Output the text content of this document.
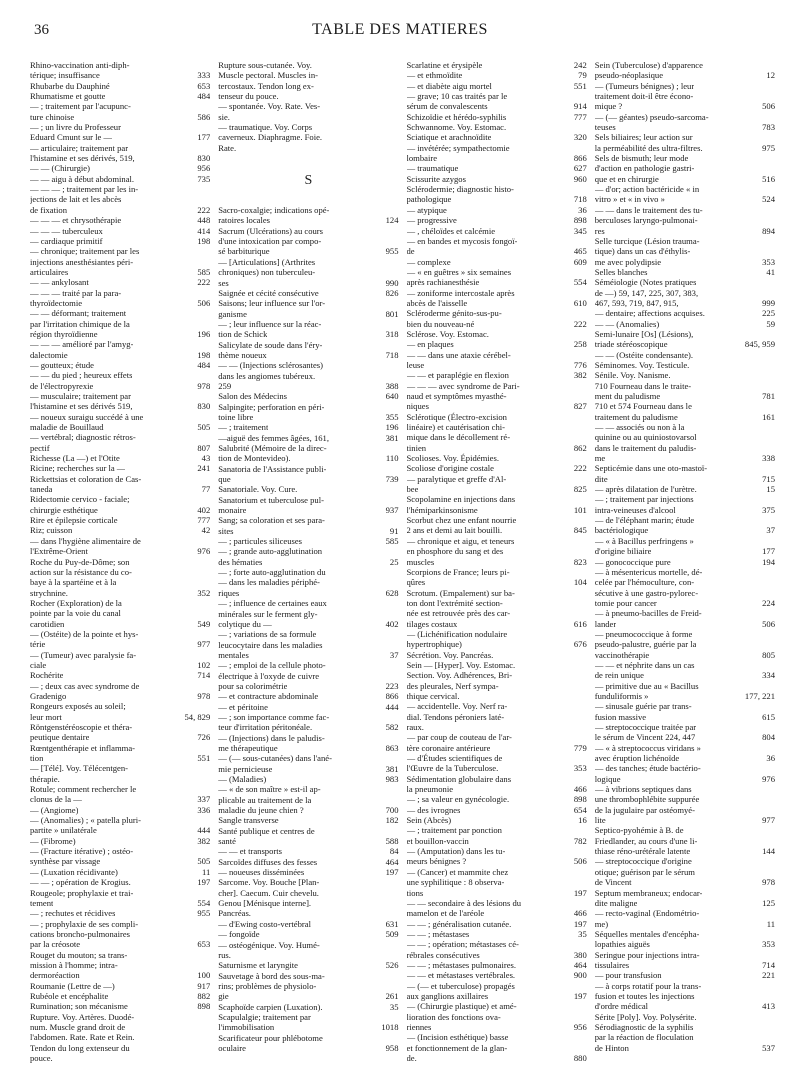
36	TABLE DES MATIERES
Rhino-vaccination anti-diph-
térique; insuffisance	333
Rhubarbe du Dauphiné	653
Rhumatisme et goutte	484
— ; traitement par l'acupunc-
ture chinoise	586
— ; un livre du Professeur
Eduard Cmunt sur le —	177
— articulaire; traitement par
l'histamine et ses dérivés, 519,	830
— — (Chirurgie)	956
— — aigu à début abdominal.	735
— — — ; traitement par les in-
jections de lait et les abcès
de fixation	222
— — — et chrysothérapie	448
— — — tuberculeux	414
— cardiaque primitif	198
— chronique; traitement par les
injections anesthésiantes péri-
articulaires	585
— — ankylosant	222
— — — traité par la para-
thyroïdectomie	506
— — déformant; traitement
par l'irritation chimique de la
région thyroïdienne	196
— — — amélioré par l'amyg-
dalectomie	198
— goutteux; étude	484
— — du pied ; heureux effets
de l'électropyrexie	978
— musculaire; traitement par
l'histamine et ses dérivés 519,	830
— noueux suraigu succédé à une
maladie de Bouillaud	505
— vertébral; diagnostic rétros-
pectif	807
Richesse (La —) et l'Otite	43
Ricine; recherches sur la —	241
Rickettsias et coloration de Cas-
taneda	77
Ridectomie cervico - faciale;
chirurgie esthétique	402
Rire et épilepsie corticale	777
Riz; cuisson	42
— dans l'hygiène alimentaire de
l'Extrême-Orient	976
Roche du Puy-de-Dôme; son
action sur la résistance du co-
baye à la spartéine et à la
strychnine.	352
Rocher (Exploration) de la
pointe par la voie du canal
carotidien	549
— (Ostéite) de la pointe et hys-
térie	977
— (Tumeur) avec paralysie fa-
ciale	102
Rochérite	714
— ; deux cas avec syndrome de
Gradenigo	978
Rongeurs exposés au soleil;
leur mort	54, 829
Röntgenstéréoscopie et théra-
peutique dentaire	726
Rœntgenthérapie et inflamma-
tion	551
— [Télé]. Voy. Télécentgen-
thérapie.
Rotule; comment rechercher le
clonus de la —	337
— (Angiome)	336
— (Anomalies) ; « patella pluri-
partite » unilatérale	444
— (Fibrome)	382
— (Fracture itérative) ; ostéo-
synthèse par vissage	505
— (Luxation récidivante)	11
— — ; opération de Krogius.	197
Rougeole; prophylaxie et trai-
tement	554
— ; rechutes et récidives	955
— ; prophylaxie de ses compli-
cations broncho-pulmonaires
par la créosote	653
Rouget du mouton; sa trans-
mission à l'homme; intra-
dermoréaction	100
Roumanie (Lettre de —)	917
Rubéole et encéphalite	882
Rumination; son mécanisme	898
Rupture. Voy. Artères. Duodé-
num. Muscle grand droit de
l'abdomen. Rate. Rate et Rein.
Tendon du long extenseur du
pouce.
Rupture sous-cutanée. Voy.
Muscle pectoral. Muscles in-
tercostaux. Tendon long ex-
tenseur du pouce.
— spontanée. Voy. Rate. Ves-
sie.
— traumatique. Voy. Corps
caverneux. Diaphragme. Foie.
Rate.
S
Sacro-coxalgie; indications opé-
ratoires locales	124
Sacrum (Ulcérations) au cours
d'une intoxication par compo-
sé barbiturique	955
— [Articulations] (Arthrites
chroniques) non tuberculeu-
ses	990
Saignée et cécité consécutive	826
Saisons; leur influence sur l'or-
ganisme	801
— ; leur influence sur la réac-
tion de Schick	318
Salicylate de soude dans l'éry-
thème noueux	718
— — (Injections sclérosantes)
dans les angiomes tubéreux.
259	388
Salon des Médecins	640
Salpingite; perforation en péri-
toine libre	355
— ; traitement	196
—aiguë des femmes âgées, 161,	381
Salubrité (Mémoire de la direc-
tion de Montevideo).	110
Sanatoria de l'Assistance publi-
que	739
Sanatoriale. Voy. Cure.
Sanatorium et tuberculose pul-
monaire	937
Sang; sa coloration et ses para-
sites	91
— ; particules siliceuses	585
— ; grande auto-agglutination
des hématies	25
— ; forte auto-agglutination du
— dans les maladies périphé-
riques	628
— ; influence de certaines eaux
minérales sur le ferment gly-
colytique du —	402
— ; variations de sa formule
leucocytaire dans les maladies
mentales	37
— ; emploi de la cellule photo-
électrique à l'oxyde de cuivre
pour sa colorimétrie	223
— et contracture abdominale	866
— et péritoine	444
— ; son importance comme fac-
teur d'irritation péritonéale.	582
— (Injections) dans le paludis-
me thérapeutique	863
— (— sous-cutanées) dans l'ané-
mie pernicieuse	381
— (Maladies)	983
— « de son maître » est-il ap-
plicable au traitement de la
maladie du jeune chien ?	700
Sangle transverse	182
Santé publique et centres de
santé	588
— — et transports	84
Sarcoïdes diffuses des fesses	464
— noueuses disséminées	197
Sarcome. Voy. Bouche [Plan-
cher]. Caecum. Cuir chevelu.
Genou [Ménisque interne].
Pancréas.
— d'Ewing costo-vertébral	631
— fongoïde	509
— ostéogénique. Voy. Humé-
rus.
Saturnisme et laryngite	526
Sauvetage à bord des sous-ma-
rins; problèmes de physiolo-
gie	261
Scaphoïde carpien (Luxation).	35
Scapulalgie; traitement par
l'immobilisation	1018
Scarificateur pour phlébotome
oculaire	958
Scarlatine et érysipèle	242
— et ethmoïdite	79
— et diabète aigu mortel	551
— grave; 10 cas traités par le
sérum de convalescents	914
Schizoïdie et hérédo-syphilis	777
Schwannome. Voy. Estomac.
Sciatique et arachnoïdite	320
— invétérée; sympathectomie
lombaire	866
— traumatique	627
Scissurite azygos	960
Sclérodermie; diagnostic histo-
pathologique	718
— atypique	36
— progressive	898
— , chéloïdes et calcémie	345
— en bandes et mycosis fongoï-
de	465
— complexe	609
— « en guêtres » six semaines
après rachianesthésie	554
— zoniforme intercostale après
abcès de l'aisselle	610
Scléroderme génito-sus-pu-
bien du nouveau-né	222
Sclérose. Voy. Estomac.
— en plaques	258
— — dans une ataxie cérébel-
leuse	776
— — et paraplégie en flexion	382
— — — avec syndrome de Pari-
naud et symptômes myasthé-
niques	827
Sclérotique (Électro-excision
linéaire) et cautérisation chi-
mique dans le décollement ré-
tinien	862
Scolioses. Voy. Épidémies.
Scoliose d'origine costale	222
— paralytique et greffe d'Al-
bee	825
Scopolamine en injections dans
l'hémiparkinsonisme	101
Scorbut chez une enfant nourrie
2 ans et demi au lait bouilli.	845
— chronique et aigu, et teneurs
en phosphore du sang et des
muscles	823
Scorpions de France; leurs pi-
qûres	104
Scrotum. (Empalement) sur ba-
ton dont l'extrémité section-
née est retrouvée près des car-
tilages costaux	616
— (Lichénification nodulaire
hypertrophique)	676
Sécrétion. Voy. Pancréas.
Sein — [Hyper]. Voy. Estomac.
Section. Voy. Adhérences, Bri-
des pleurales, Nerf sympa-
thique cervical.
— accidentelle. Voy. Nerf ra-
dial. Tendons péroniers laté-
raux.
— par coup de couteau de l'ar-
tère coronaire antérieure	779
— d'Études scientifiques de
l'Œuvre de la Tuberculose.	353
Sédimentation globulaire dans
la pneumonie	466
— ; sa valeur en gynécologie.	898
— des ivrognes	654
Sein (Abcès)	16
— ; traitement par ponction
et bouillon-vaccin	782
— (Amputation) dans les tu-
meurs bénignes ?	506
— (Cancer) et mammite chez
une syphilitique : 8 observa-
tions	197
— — secondaire à des lésions du
mamelon et de l'aréole	466
— — ; généralisation cutanée.	197
— — ; métastases	35
— — ; opération; métastases cé-
rébrales consécutives	380
— — ; métastases pulmonaires.	464
— — et métastases vertébrales.	900
— (— et tuberculose) propagés
aux ganglions axillaires	197
— (Chirurgie plastique) et amé-
lioration des fonctions ova-
riennes	956
— (Incision esthétique) basse
et fonctionnement de la glan-
de.	880
Sein (Tuberculose) d'apparence
pseudo-néoplasique	12
— (Tumeurs bénignes) ; leur
traitement doit-il être écono-
mique ?	506
— (— géantes) pseudo-sarcoma-
teuses	783
Sels biliaires; leur action sur
la perméabilité des ultra-filtres.	975
Sels de bismuth; leur mode
d'action en pathologie gastri-
que et en chirurgie	516
— d'or; action bactéricide « in
vitro » et « in vivo »	524
— — dans le traitement des tu-
berculoses laryngo-pulmonai-
res	894
Selle turcique (Lésion trauma-
tique) dans un cas d'éthylis-
me avec polydipsie	353
Selles blanches	41
Séméiologie (Notes pratiques
de —) 59, 147, 225, 307, 383,
467, 593, 719, 847, 915,	999
— dentaire; affections acquises.	225
— — (Anomalies)	59
Semi-lunaire [Os] (Lésions),
triade stéréoscopique	845, 959
— — (Ostéite condensante).
Séminomes. Voy. Testicule.
Sénile. Voy. Nanisme.
710 Fourneau dans le traite-
ment du paludisme	781
710 et 574 Fourneau dans le
traitement du paludisme	161
— — associés ou non à la
quinine ou au quiniostovarsol
dans le traitement du paludis-
me	338
Septicémie dans une oto-mastoï-
dite	715
— après dilatation de l'urètre.	15
— ; traitement par injections
intra-veineuses d'alcool	375
— de l'éléphant marin; étude
bactériologique	37
— « à Bacillus perfringens »
d'origine biliaire	177
— gonococcique pure	194
— à mésentericus mortelle, dé-
celée par l'hémoculture, con-
sécutive à une gastro-pylorec-
tomie pour cancer	224
— à pneumo-bacilles de Freid-
lander	506
— pneumococcique à forme
pseudo-palustre, guérie par la
vaccinothérapie	805
— — et néphrite dans un cas
de rein unique	334
— primitive due au « Bacillus
funduliformis »	177, 221
— sinusale guérie par trans-
fusion massive	615
— streptococcique traitée par
le sérum de Vincent 224, 447	804
— « à streptococcus viridans »
avec éruption lichénoïde	36
— des tanches; étude bactério-
logique	976
— à vibrions septiques dans
une thrombophlébite suppurée
de la jugulaire par ostéomyé-
lite	977
Septico-pyohémie à B. de
Friedlander, au cours d'une li-
thiase réno-urétérale latente	144
— streptococcique d'origine
otique; guérison par le sérum
de Vincent	978
Septum membraneux; endocar-
dite maligne	125
— recto-vaginal (Endométrio-
me)	11
Séquelles mentales d'encépha-
lopathies aiguës	353
Seringue pour injections intra-
tissulaires	714
— pour transfusion	221
— à corps rotatif pour la trans-
fusion et toutes les injections
d'ordre médical	413
Sérite [Poly]. Voy. Polysérite.
Sérodiagnostic de la syphilis
par la réaction de floculation
de Hinton	537
